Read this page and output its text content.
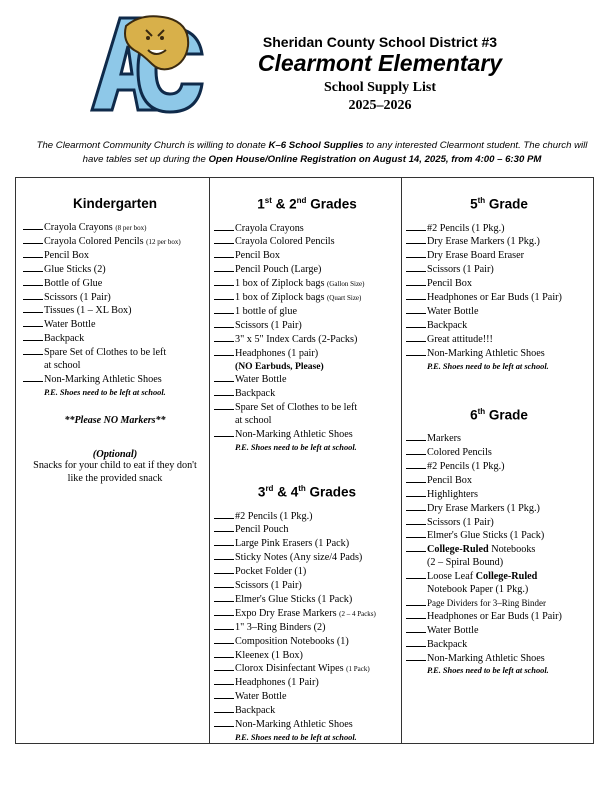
Sheridan County School District #3
Clearmont Elementary
School Supply List
2025–2026
The Clearmont Community Church is willing to donate K–6 School Supplies to any interested Clearmont student. The church will have tables set up during the Open House/Online Registration on August 14, 2025, from 4:00 – 6:30 PM
Kindergarten
Crayola Crayons (8 per box)
Crayola Colored Pencils (12 per box)
Pencil Box
Glue Sticks (2)
Bottle of Glue
Scissors (1 Pair)
Tissues (1 – XL Box)
Water Bottle
Backpack
Spare Set of Clothes to be left
at school
Non-Marking Athletic Shoes
P.E. Shoes need to be left at school.
**Please NO Markers**
(Optional)
Snacks for your child to eat if they don't like the provided snack
1st & 2nd Grades
Crayola Crayons
Crayola Colored Pencils
Pencil Box
Pencil Pouch (Large)
1 box of Ziplock bags (Gallon Size)
1 box of Ziplock bags (Quart Size)
1 bottle of glue
Scissors (1 Pair)
3" x 5" Index Cards (2-Packs)
Headphones (1 pair)
(NO Earbuds, Please)
Water Bottle
Backpack
Spare Set of Clothes to be left
at school
Non-Marking Athletic Shoes
P.E. Shoes need to be left at school.
3rd & 4th Grades
#2 Pencils (1 Pkg.)
Pencil Pouch
Large Pink Erasers (1 Pack)
Sticky Notes (Any size/4 Pads)
Pocket Folder (1)
Scissors (1 Pair)
Elmer's Glue Sticks (1 Pack)
Expo Dry Erase Markers (2 – 4 Packs)
1" 3–Ring Binders (2)
Composition Notebooks (1)
Kleenex (1 Box)
Clorox Disinfectant Wipes (1 Pack)
Headphones (1 Pair)
Water Bottle
Backpack
Non-Marking Athletic Shoes
P.E. Shoes need to be left at school.
5th Grade
#2 Pencils (1 Pkg.)
Dry Erase Markers (1 Pkg.)
Dry Erase Board Eraser
Scissors (1 Pair)
Pencil Box
Headphones or Ear Buds (1 Pair)
Water Bottle
Backpack
Great attitude!!!
Non-Marking Athletic Shoes
P.E. Shoes need to be left at school.
6th Grade
Markers
Colored Pencils
#2 Pencils (1 Pkg.)
Pencil Box
Highlighters
Dry Erase Markers (1 Pkg.)
Scissors (1 Pair)
Elmer's Glue Sticks (1 Pack)
College-Ruled Notebooks
(2 – Spiral Bound)
Loose Leaf College-Ruled
Notebook Paper (1 Pkg.)
Page Dividers for 3–Ring Binder
Headphones or Ear Buds (1 Pair)
Water Bottle
Backpack
Non-Marking Athletic Shoes
P.E. Shoes need to be left at school.
